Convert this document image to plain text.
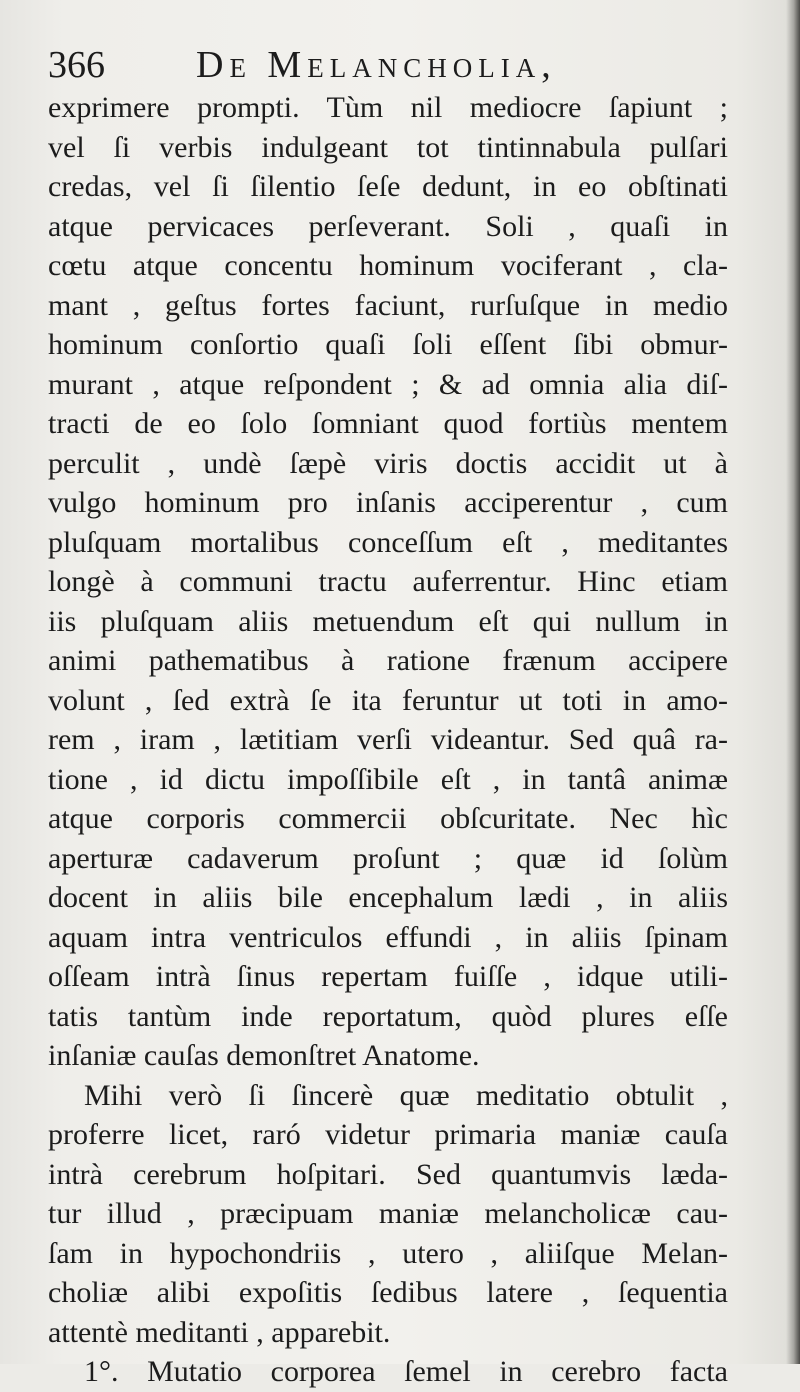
366 De Melancholia,
exprimere prompti. Tùm nil mediocre ſapiunt ;
vel ſi verbis indulgeant tot tintinnabula pulſari
credas, vel ſi ſilentio ſeſe dedunt, in eo obſtinati
atque pervicaces perſeverant. Soli , quaſi in
cœtu atque concentu hominum vociferant , cla-
mant , geſtus fortes faciunt, rurſuſque in medio
hominum conſortio quaſi ſoli eſſent ſibi obmur-
murant , atque reſpondent ; & ad omnia alia diſ-
tracti de eo ſolo ſomniant quod fortiùs mentem
perculit , undè ſæpè viris doctis accidit ut à
vulgo hominum pro inſanis acciperentur , cum
pluſquam mortalibus conceſſum eſt , meditantes
longè à communi tractu auferrentur. Hinc etiam
iis pluſquam aliis metuendum eſt qui nullum in
animi pathematibus à ratione frænum accipere
volunt , ſed extrà ſe ita feruntur ut toti in amo-
rem , iram , lætitiam verſi videantur. Sed quâ ra-
tione , id dictu impoſſibile eſt , in tantâ animæ
atque corporis commercii obſcuritate. Nec hìc
aperturæ cadaverum proſunt ; quæ id ſolùm
docent in aliis bile encephalum lædi , in aliis
aquam intra ventriculos effundi , in aliis ſpinam
oſſeam intrà ſinus repertam fuiſſe , idque utili-
tatis tantùm inde reportatum, quòd plures eſſe
inſaniæ cauſas demonſtret Anatome.
Mihi verò ſi ſincerè quæ meditatio obtulit ,
proferre licet, raró videtur primaria maniæ cauſa
intrà cerebrum hoſpitari. Sed quantumvis læda-
tur illud , præcipuam maniæ melancholicæ cau-
ſam in hypochondriis , utero , aliiſque Melan-
choliæ alibi expoſitis ſedibus latere , ſequentia
attentè meditanti , apparebit.
1°. Mutatio corporea ſemel in cerebro facta
